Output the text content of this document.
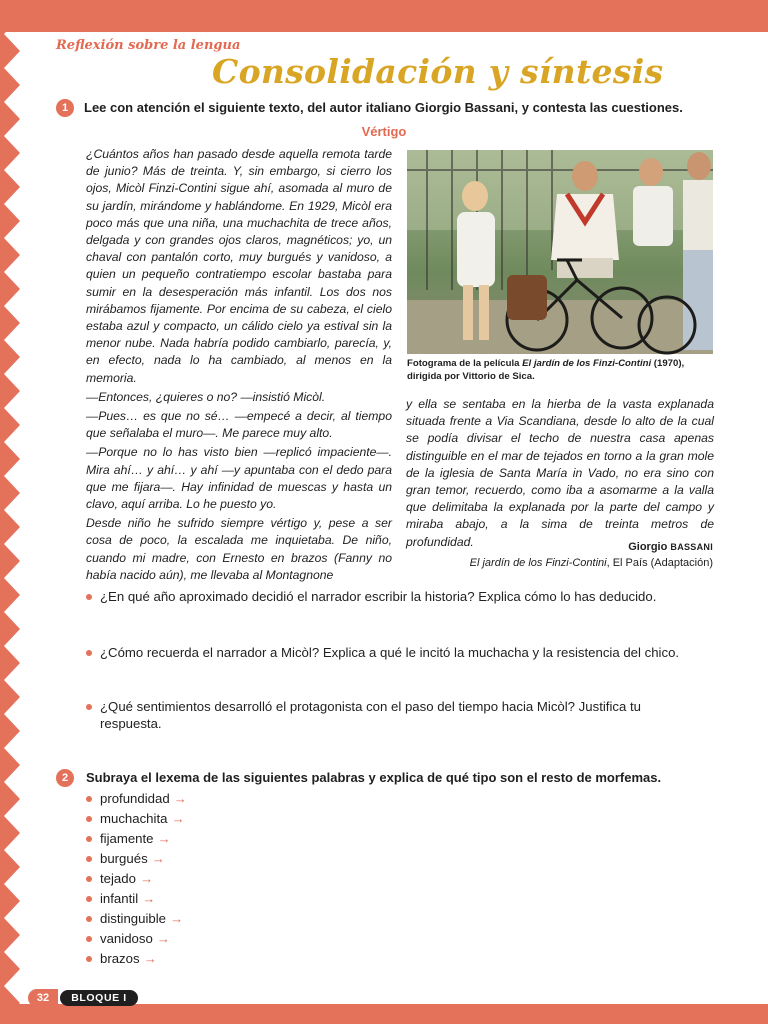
Reflexión sobre la lengua
Consolidación y síntesis
1	Lee con atención el siguiente texto, del autor italiano Giorgio Bassani, y contesta las cuestiones.
Vértigo

¿Cuántos años han pasado desde aquella remota tarde de junio? Más de treinta. Y, sin embargo, si cierro los ojos, Micòl Finzi-Contini sigue ahí, asomada al muro de su jardín, mirándome y hablándome. En 1929, Micòl era poco más que una niña, una muchachita de trece años, delgada y con grandes ojos claros, magnéticos; yo, un chaval con pantalón corto, muy burgués y vanidoso, a quien un pequeño contratiempo escolar bastaba para sumir en la desesperación más infantil. Los dos nos mirábamos fijamente. Por encima de su cabeza, el cielo estaba azul y compacto, un cálido cielo ya estival sin la menor nube. Nada habría podido cambiarlo, parecía, y, en efecto, nada lo ha cambiado, al menos en la memoria.

—Entonces, ¿quieres o no? —insistió Micòl.

—Pues… es que no sé… —empecé a decir, al tiempo que señalaba el muro—. Me parece muy alto.

—Porque no lo has visto bien —replicó impaciente—. Mira ahí… y ahí… y ahí —y apuntaba con el dedo para que me fijara—. Hay infinidad de muescas y hasta un clavo, aquí arriba. Lo he puesto yo.

Desde niño he sufrido siempre vértigo y, pese a ser cosa de poco, la escalada me inquietaba. De niño, cuando mi madre, con Ernesto en brazos (Fanny no había nacido aún), me llevaba al Montagnone

Fotograma de la película El jardín de los Finzi-Contini (1970), dirigida por Vittorio de Sica.

y ella se sentaba en la hierba de la vasta explanada situada frente a Via Scandiana, desde lo alto de la cual se podía divisar el techo de nuestra casa apenas distinguible en el mar de tejados en torno a la gran mole de la iglesia de Santa María in Vado, no era sino con gran temor, recuerdo, como iba a asomarme a la valla que delimitaba la explanada por la parte del campo y miraba abajo, a la sima de treinta metros de profundidad.	Giorgio BASSANI
El jardín de los Finzi-Contini, El País (Adaptación)
¿En qué año aproximado decidió el narrador escribir la historia? Explica cómo lo has deducido.
¿Cómo recuerda el narrador a Micòl? Explica a qué le incitó la muchacha y la resistencia del chico.
¿Qué sentimientos desarrolló el protagonista con el paso del tiempo hacia Micòl? Justifica tu respuesta.
2	Subraya el lexema de las siguientes palabras y explica de qué tipo son el resto de morfemas.
profundidad →
muchachita →
fijamente →
burgués →
tejado →
infantil →
distinguible →
vanidoso →
brazos →
32	BLOQUE I
